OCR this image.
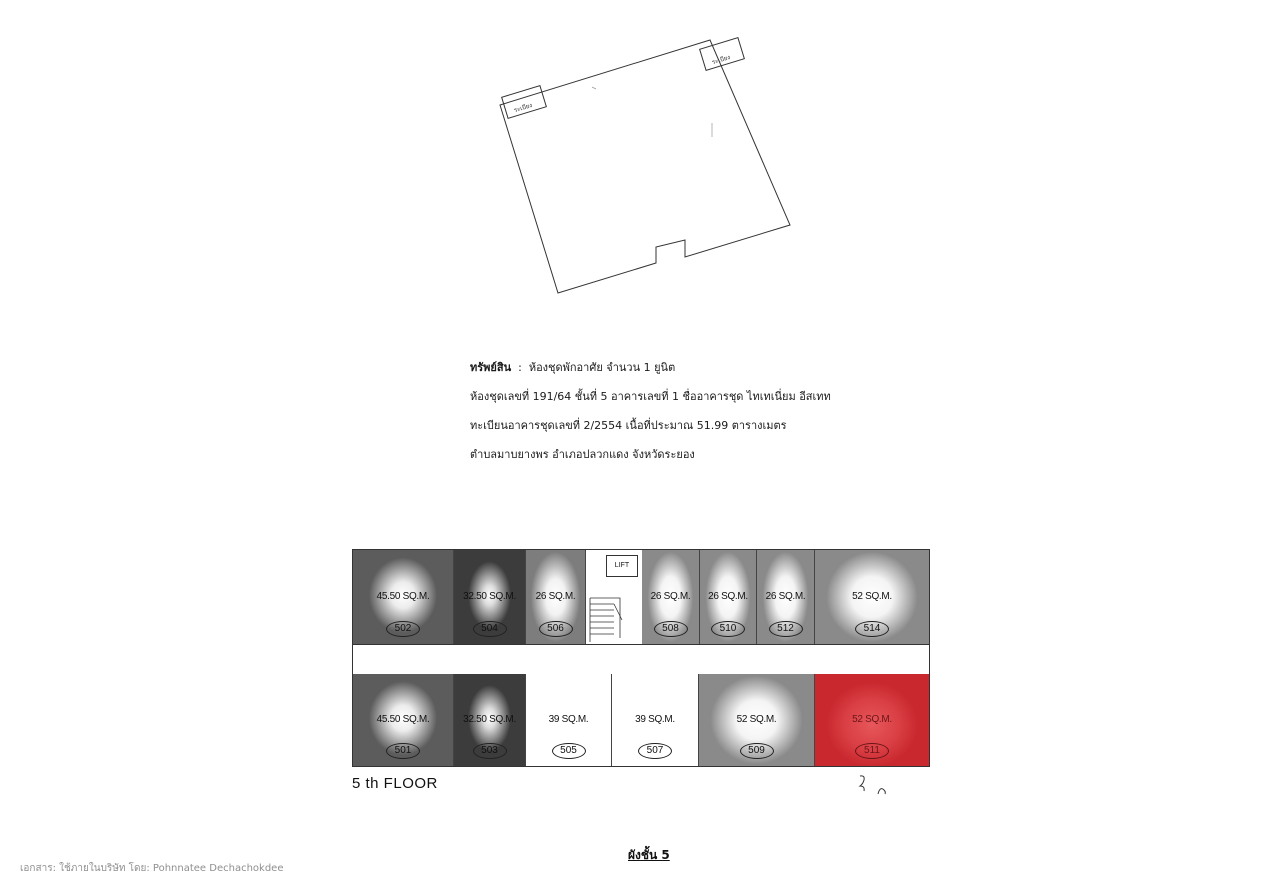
ระเบียง
ระเบียง
ทรัพย์สิน : ห้องชุดพักอาศัย จำนวน 1 ยูนิต
ห้องชุดเลขที่ 191/64 ชั้นที่ 5 อาคารเลขที่ 1 ชื่ออาคารชุด ไทเทเนี่ยม อีสเทท
ทะเบียนอาคารชุดเลขที่ 2/2554 เนื้อที่ประมาณ 51.99 ตารางเมตร
ตำบลมาบยางพร อำเภอปลวกแดง จังหวัดระยอง
45.50 SQ.M.
502
32.50 SQ.M.
504
26 SQ.M.
506
LIFT
26 SQ.M.
508
26 SQ.M.
510
26 SQ.M.
512
52 SQ.M.
514
45.50 SQ.M.
501
32.50 SQ.M.
503
39 SQ.M.
505
39 SQ.M.
507
52 SQ.M.
509
52 SQ.M.
511
5 th FLOOR
ผังชั้น 5
เอกสาร: ใช้ภายในบริษัท โดย: Pohnnatee Dechachokdee
